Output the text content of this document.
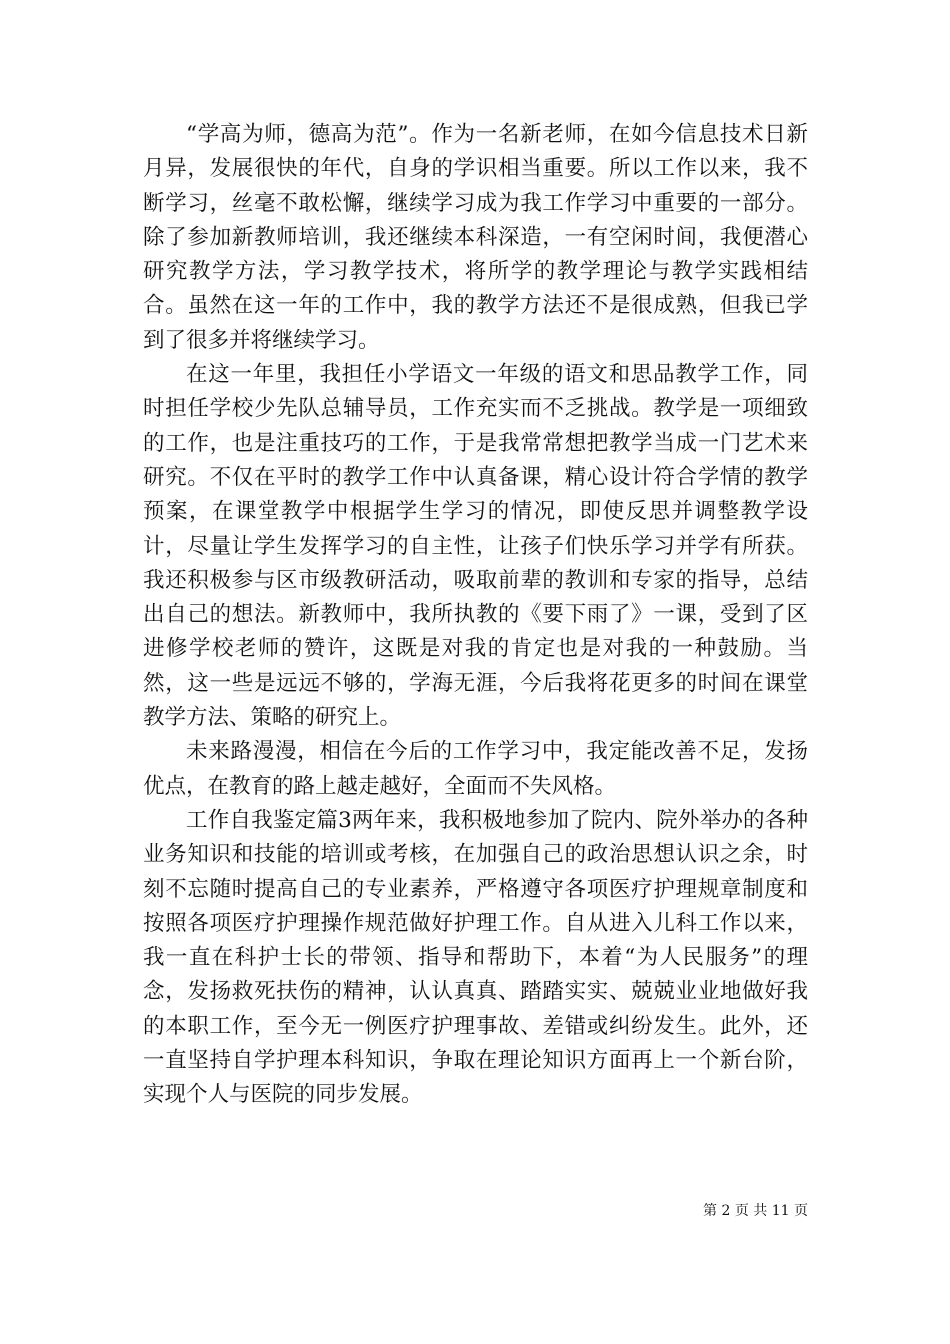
“学高为师，德高为范”。作为一名新老师，在如今信息技术日新月异，发展很快的年代，自身的学识相当重要。所以工作以来，我不断学习，丝毫不敢松懈，继续学习成为我工作学习中重要的一部分。除了参加新教师培训，我还继续本科深造，一有空闲时间，我便潜心研究教学方法，学习教学技术，将所学的教学理论与教学实践相结合。虽然在这一年的工作中，我的教学方法还不是很成熟，但我已学到了很多并将继续学习。

在这一年里，我担任小学语文一年级的语文和思品教学工作，同时担任学校少先队总辅导员，工作充实而不乏挑战。教学是一项细致的工作，也是注重技巧的工作，于是我常常想把教学当成一门艺术来研究。不仅在平时的教学工作中认真备课，精心设计符合学情的教学预案，在课堂教学中根据学生学习的情况，即使反思并调整教学设计，尽量让学生发挥学习的自主性，让孩子们快乐学习并学有所获。我还积极参与区市级教研活动，吸取前辈的教训和专家的指导，总结出自己的想法。新教师中，我所执教的《要下雨了》一课，受到了区进修学校老师的赞许，这既是对我的肯定也是对我的一种鼓励。当然，这一些是远远不够的，学海无涯，今后我将花更多的时间在课堂教学方法、策略的研究上。

未来路漫漫，相信在今后的工作学习中，我定能改善不足，发扬优点，在教育的路上越走越好，全面而不失风格。

工作自我鉴定篇3两年来，我积极地参加了院内、院外举办的各种业务知识和技能的培训或考核，在加强自己的政治思想认识之余，时刻不忘随时提高自己的专业素养，严格遵守各项医疗护理规章制度和按照各项医疗护理操作规范做好护理工作。自从进入儿科工作以来，我一直在科护士长的带领、指导和帮助下，本着“为人民服务”的理念，发扬救死扶伤的精神，认认真真、踏踏实实、兢兢业业地做好我的本职工作，至今无一例医疗护理事故、差错或纠纷发生。此外，还一直坚持自学护理本科知识，争取在理论知识方面再上一个新台阶，实现个人与医院的同步发展。

第 2 页 共 11 页
